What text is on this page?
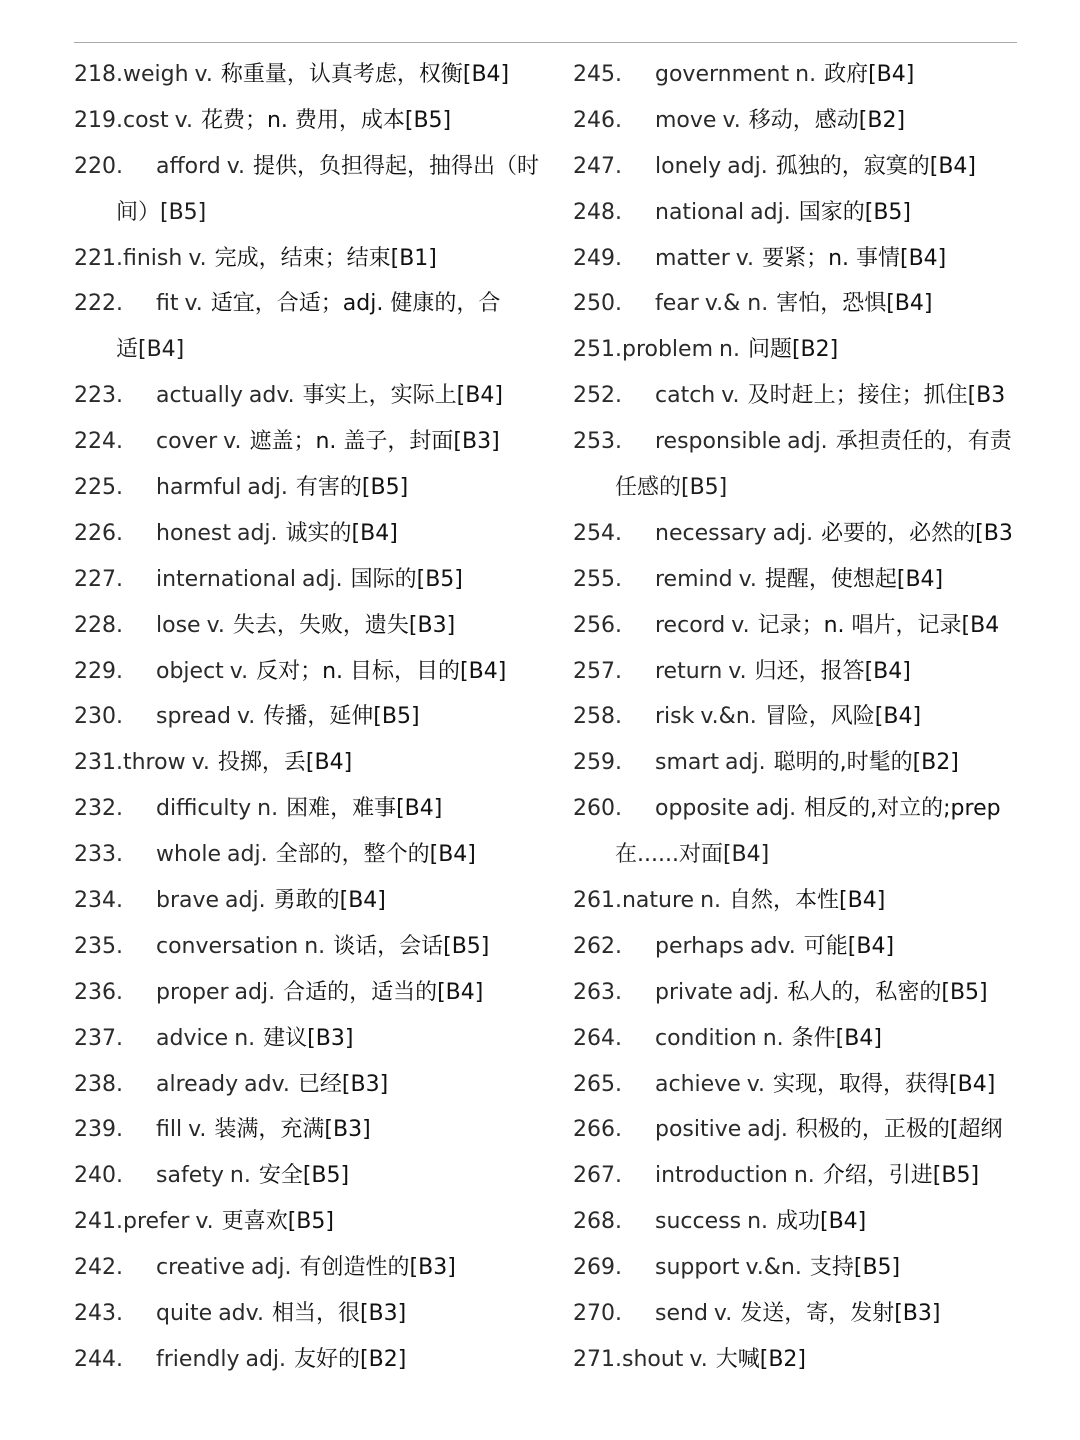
218.weigh v. 称重量，认真考虑，权衡[B4]
219.cost v. 花费；n. 费用，成本[B5]
220. afford v. 提供，负担得起，抽得出（时
间）[B5]
221.finish v. 完成，结束；结束[B1]
222. fit v. 适宜，合适；adj. 健康的，合
适[B4]
223. actually adv. 事实上，实际上[B4]
224. cover v. 遮盖；n. 盖子，封面[B3]
225. harmful adj. 有害的[B5]
226. honest adj. 诚实的[B4]
227. international adj. 国际的[B5]
228. lose v. 失去，失败，遗失[B3]
229. object v. 反对；n. 目标，目的[B4]
230. spread v. 传播，延伸[B5]
231.throw v. 投掷，丢[B4]
232. difficulty n. 困难，难事[B4]
233. whole adj. 全部的，整个的[B4]
234. brave adj. 勇敢的[B4]
235. conversation n. 谈话，会话[B5]
236. proper adj. 合适的，适当的[B4]
237. advice n. 建议[B3]
238. already adv. 已经[B3]
239. fill v. 装满，充满[B3]
240. safety n. 安全[B5]
241.prefer v. 更喜欢[B5]
242. creative adj. 有创造性的[B3]
243. quite adv. 相当，很[B3]
244. friendly adj. 友好的[B2]
245. government n. 政府[B4]
246. move v. 移动，感动[B2]
247. lonely adj. 孤独的，寂寞的[B4]
248. national adj. 国家的[B5]
249. matter v. 要紧；n. 事情[B4]
250. fear v.& n. 害怕，恐惧[B4]
251.problem n. 问题[B2]
252. catch v. 及时赶上；接住；抓住[B3
253. responsible adj. 承担责任的，有责
任感的[B5]
254. necessary adj. 必要的，必然的[B3
255. remind v. 提醒，使想起[B4]
256. record v. 记录；n. 唱片，记录[B4
257. return v. 归还，报答[B4]
258. risk v.&n. 冒险，风险[B4]
259. smart adj. 聪明的,时髦的[B2]
260. opposite adj. 相反的,对立的;prep
在......对面[B4]
261.nature n. 自然，本性[B4]
262. perhaps adv. 可能[B4]
263. private adj. 私人的，私密的[B5]
264. condition n. 条件[B4]
265. achieve v. 实现，取得，获得[B4]
266. positive adj. 积极的，正极的[超纲
267. introduction n. 介绍，引进[B5]
268. success n. 成功[B4]
269. support v.&n. 支持[B5]
270. send v. 发送，寄，发射[B3]
271.shout v. 大喊[B2]
